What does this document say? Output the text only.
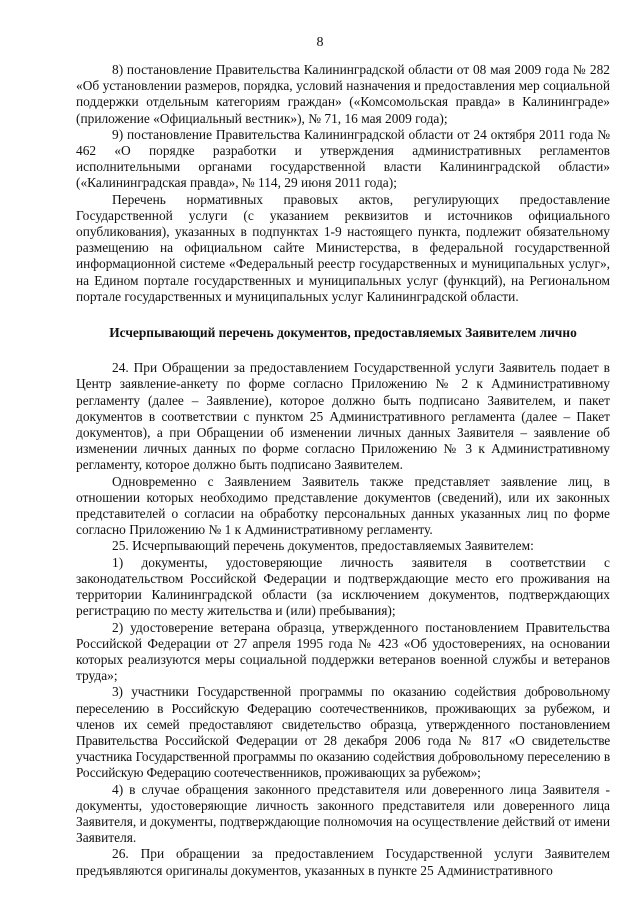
8

8) постановление Правительства Калининградской области от 08 мая 2009 года № 282 «Об установлении размеров, порядка, условий назначения и предоставления мер социальной поддержки отдельным категориям граждан» («Комсомольская правда» в Калининграде» (приложение «Официальный вестник»), № 71, 16 мая 2009 года);

9) постановление Правительства Калининградской области от 24 октября 2011 года № 462 «О порядке разработки и утверждения административных регламентов исполнительными органами государственной власти Калининградской области» («Калининградская правда», № 114, 29 июня 2011 года);

Перечень нормативных правовых актов, регулирующих предоставление Государственной услуги (с указанием реквизитов и источников официального опубликования), указанных в подпунктах 1-9 настоящего пункта, подлежит обязательному размещению на официальном сайте Министерства, в федеральной государственной информационной системе «Федеральный реестр государственных и муниципальных услуг», на Едином портале государственных и муниципальных услуг (функций), на Региональном портале государственных и муниципальных услуг Калининградской области.

Исчерпывающий перечень документов, предоставляемых Заявителем лично

24. При Обращении за предоставлением Государственной услуги Заявитель подает в Центр заявление-анкету по форме согласно Приложению № 2 к Административному регламенту (далее – Заявление), которое должно быть подписано Заявителем, и пакет документов в соответствии с пунктом 25 Административного регламента (далее – Пакет документов), а при Обращении об изменении личных данных Заявителя – заявление об изменении личных данных по форме согласно Приложению № 3 к Административному регламенту, которое должно быть подписано Заявителем.

Одновременно с Заявлением Заявитель также представляет заявление лиц, в отношении которых необходимо представление документов (сведений), или их законных представителей о согласии на обработку персональных данных указанных лиц по форме согласно Приложению № 1 к Административному регламенту.

25. Исчерпывающий перечень документов, предоставляемых Заявителем:

1) документы, удостоверяющие личность заявителя в соответствии с законодательством Российской Федерации и подтверждающие место его проживания на территории Калининградской области (за исключением документов, подтверждающих регистрацию по месту жительства и (или) пребывания);

2) удостоверение ветерана образца, утвержденного постановлением Правительства Российской Федерации от 27 апреля 1995 года № 423 «Об удостоверениях, на основании которых реализуются меры социальной поддержки ветеранов военной службы и ветеранов труда»;

3) участники Государственной программы по оказанию содействия добровольному переселению в Российскую Федерацию соотечественников, проживающих за рубежом, и членов их семей предоставляют свидетельство образца, утвержденного постановлением Правительства Российской Федерации от 28 декабря 2006 года № 817 «О свидетельстве участника Государственной программы по оказанию содействия добровольному переселению в Российскую Федерацию соотечественников, проживающих за рубежом»;

4) в случае обращения законного представителя или доверенного лица Заявителя - документы, удостоверяющие личность законного представителя или доверенного лица Заявителя, и документы, подтверждающие полномочия на осуществление действий от имени Заявителя.

26. При обращении за предоставлением Государственной услуги Заявителем предъявляются оригиналы документов, указанных в пункте 25 Административного
